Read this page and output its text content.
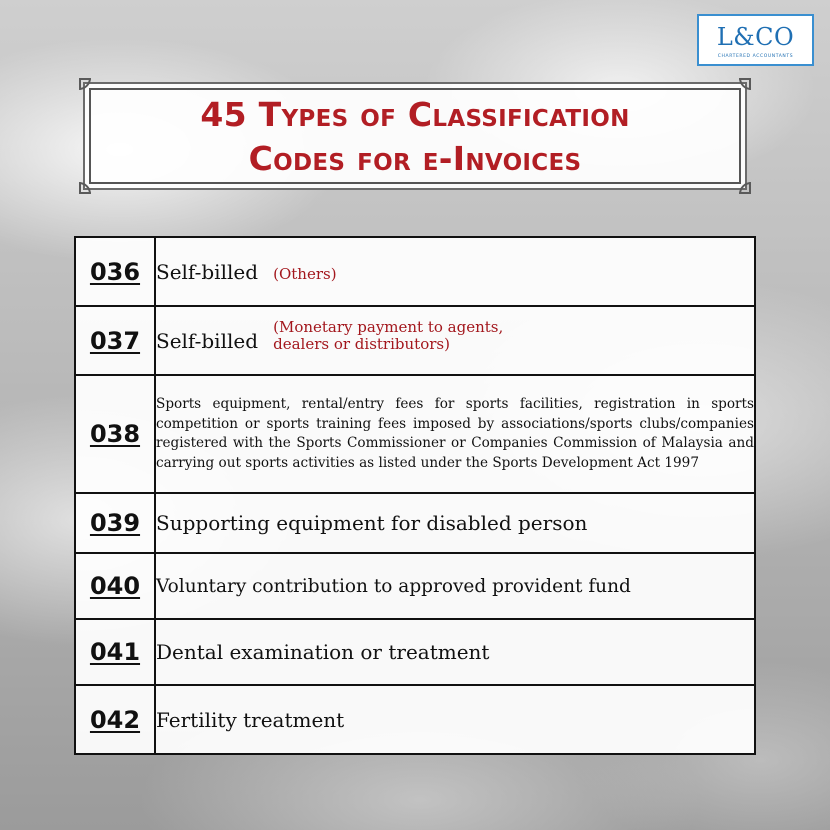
L&CO
CHARTERED ACCOUNTANTS
45 Types of Classification
Codes for e-Invoices
036	Self-billed (Others)
037	Self-billed (Monetary payment to agents,
dealers or distributors)
038	Sports equipment, rental/entry fees for sports facilities, registration in sports competition or sports training fees imposed by associations/sports clubs/companies registered with the Sports Commissioner or Companies Commission of Malaysia and carrying out sports activities as listed under the Sports Development Act 1997

039	Supporting equipment for disabled person
040	Voluntary contribution to approved provident fund
041	Dental examination or treatment
042	Fertility treatment
